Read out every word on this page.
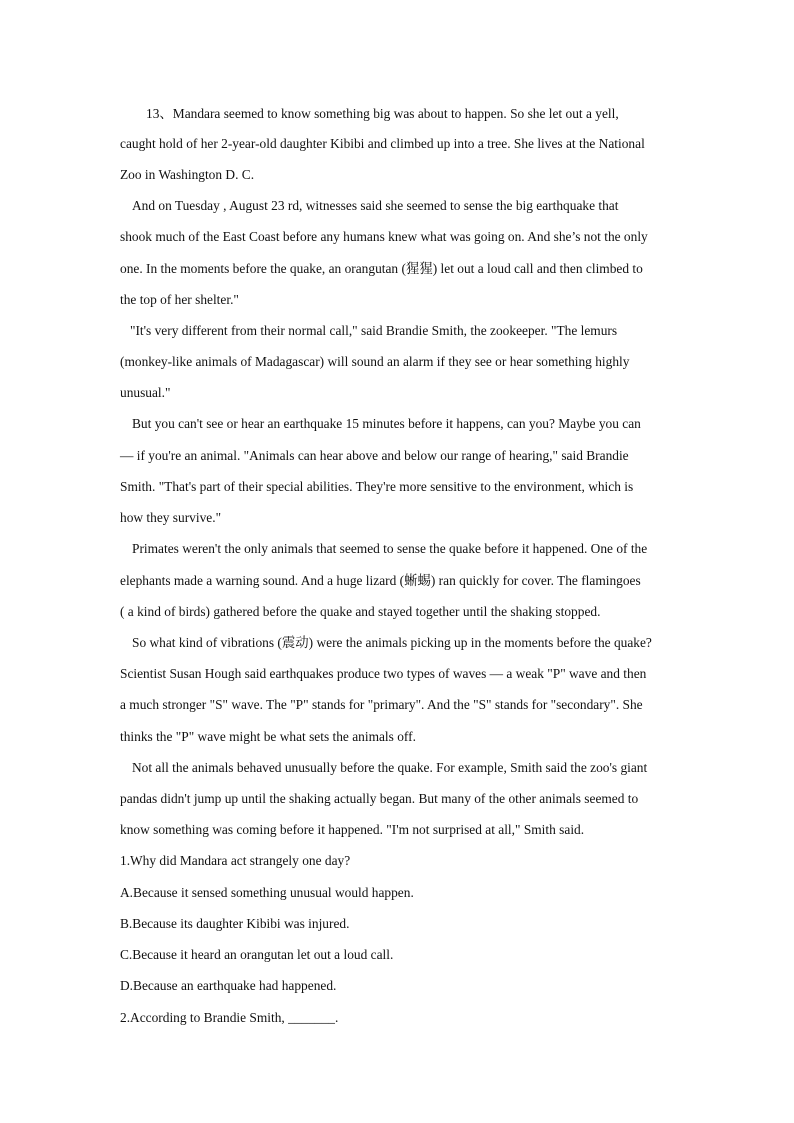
13、Mandara seemed to know something big was about to happen. So she let out a yell,
caught hold of her 2-year-old daughter Kibibi and climbed up into a tree. She lives at the National
Zoo in Washington D. C.
And on Tuesday , August 23 rd, witnesses said she seemed to sense the big earthquake that
shook much of the East Coast before any humans knew what was going on. And she’s not the only
one. In the moments before the quake, an orangutan (猩猩) let out a loud call and then climbed to
the top of her shelter."
"It's very different from their normal call," said Brandie Smith, the zookeeper. "The lemurs
(monkey-like animals of Madagascar) will sound an alarm if they see or hear something highly
unusual."
But you can't see or hear an earthquake 15 minutes before it happens, can you? Maybe you can
— if you're an animal. "Animals can hear above and below our range of hearing," said Brandie
Smith. "That's part of their special abilities. They're more sensitive to the environment, which is
how they survive."
Primates weren't the only animals that seemed to sense the quake before it happened. One of the
elephants made a warning sound. And a huge lizard (蜥蜴) ran quickly for cover. The flamingoes
( a kind of birds) gathered before the quake and stayed together until the shaking stopped.
So what kind of vibrations (震动) were the animals picking up in the moments before the quake?
Scientist Susan Hough said earthquakes produce two types of waves — a weak "P" wave and then
a much stronger "S" wave. The "P" stands for "primary". And the "S" stands for "secondary". She
thinks the "P" wave might be what sets the animals off.
Not all the animals behaved unusually before the quake. For example, Smith said the zoo's giant
pandas didn't jump up until the shaking actually began. But many of the other animals seemed to
know something was coming before it happened. "I'm not surprised at all," Smith said.
1.Why did Mandara act strangely one day?
A.Because it sensed something unusual would happen.
B.Because its daughter Kibibi was injured.
C.Because it heard an orangutan let out a loud call.
D.Because an earthquake had happened.
2.According to Brandie Smith, _______.
